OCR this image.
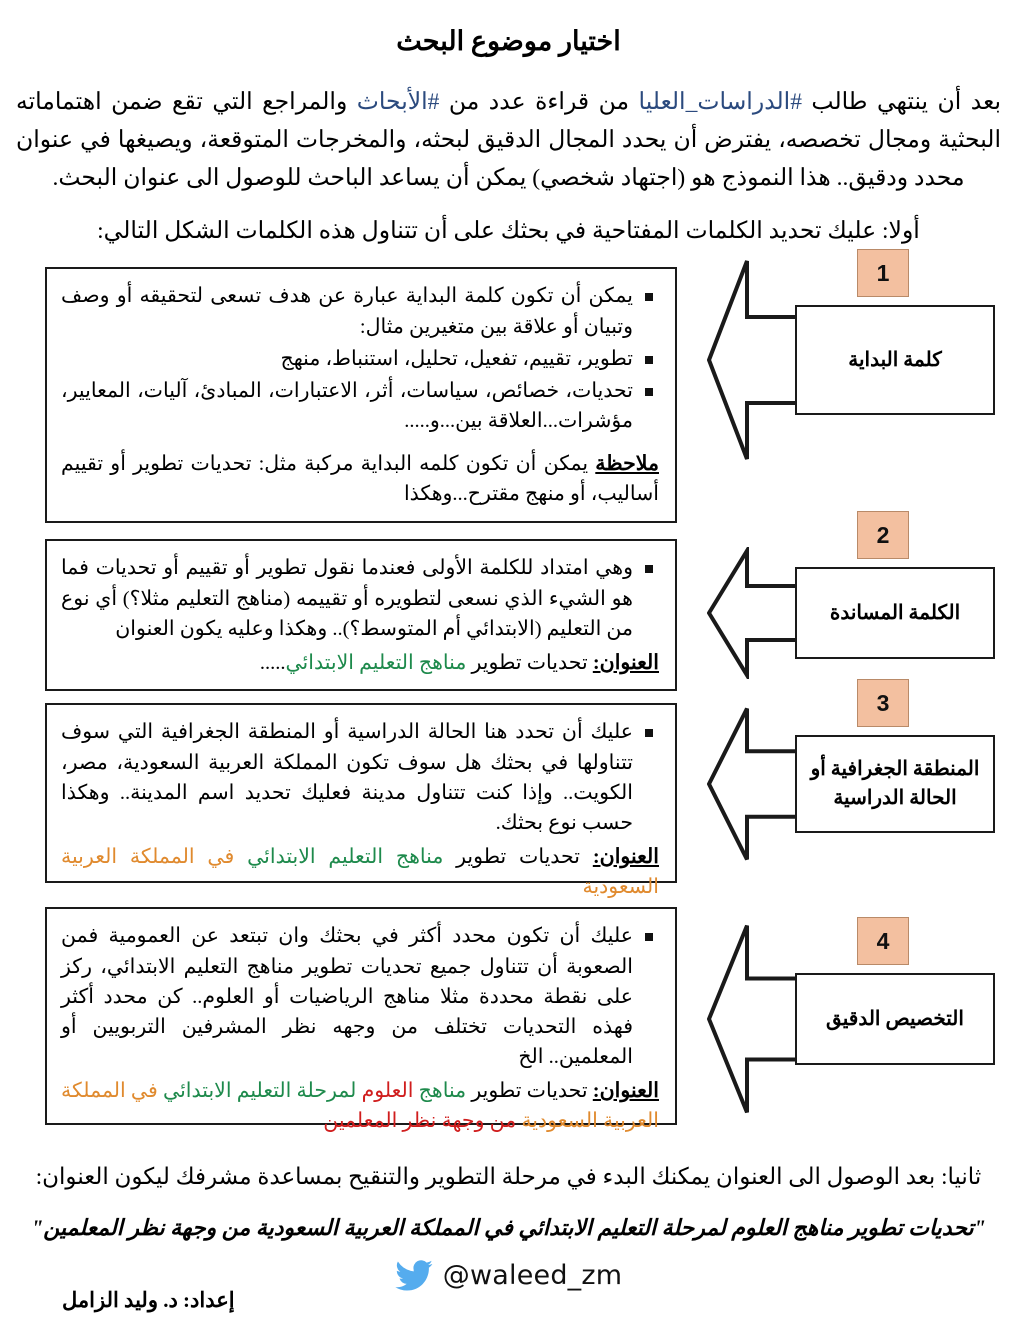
اختيار موضوع البحث

بعد أن ينتهي طالب #الدراسات_العليا من قراءة عدد من #الأبحاث والمراجع التي تقع ضمن اهتماماته البحثية ومجال تخصصه، يفترض أن يحدد المجال الدقيق لبحثه، والمخرجات المتوقعة، ويصيغها في عنوان محدد ودقيق.. هذا النموذج هو (اجتهاد شخصي) يمكن أن يساعد الباحث للوصول الى عنوان البحث.

أولا: عليك تحديد الكلمات المفتاحية في بحثك على أن تتناول هذه الكلمات الشكل التالي:

يمكن أن تكون كلمة البداية عبارة عن هدف تسعى لتحقيقه أو وصف وتبيان أو علاقة بين متغيرين مثال:
تطوير، تقييم، تفعيل، تحليل، استنباط، منهج
تحديات، خصائص، سياسات، أثر، الاعتبارات، المبادئ، آليات، المعايير، مؤشرات...العلاقة بين...و.....
ملاحظة يمكن أن تكون كلمه البداية مركبة مثل: تحديات تطوير أو تقييم أساليب، أو منهج مقترح...وهكذا
كلمة البداية
1
وهي امتداد للكلمة الأولى فعندما نقول تطوير أو تقييم أو تحديات فما هو الشيء الذي نسعى لتطويره أو تقييمه (مناهج التعليم مثلا؟) أي نوع من التعليم (الابتدائي أم المتوسط؟).. وهكذا وعليه يكون العنوان
العنوان: تحديات تطوير مناهج التعليم الابتدائي.....
الكلمة المساندة
2
عليك أن تحدد هنا الحالة الدراسية أو المنطقة الجغرافية التي سوف تتناولها في بحثك هل سوف تكون المملكة العربية السعودية، مصر، الكويت.. وإذا كنت تتناول مدينة فعليك تحديد اسم المدينة.. وهكذا حسب نوع بحثك.
العنوان: تحديات تطوير مناهج التعليم الابتدائي في المملكة العربية السعودية
المنطقة الجغرافية أو الحالة الدراسية
3
عليك أن تكون محدد أكثر في بحثك وان تبتعد عن العمومية فمن الصعوبة أن تتناول جميع تحديات تطوير مناهج التعليم الابتدائي، ركز على نقطة محددة مثلا مناهج الرياضيات أو العلوم.. كن محدد أكثر فهذه التحديات تختلف من وجهه نظر المشرفين التربويين أو المعلمين.. الخ
العنوان: تحديات تطوير مناهج العلوم لمرحلة التعليم الابتدائي في المملكة العربية السعودية من وجهة نظر المعلمين
التخصيص الدقيق
4

ثانيا: بعد الوصول الى العنوان يمكنك البدء في مرحلة التطوير والتنقيح بمساعدة مشرفك ليكون العنوان:

"تحديات تطوير مناهج العلوم لمرحلة التعليم الابتدائي في المملكة العربية السعودية من وجهة نظر المعلمين"

@waleed_zm
إعداد: د. وليد الزامل
